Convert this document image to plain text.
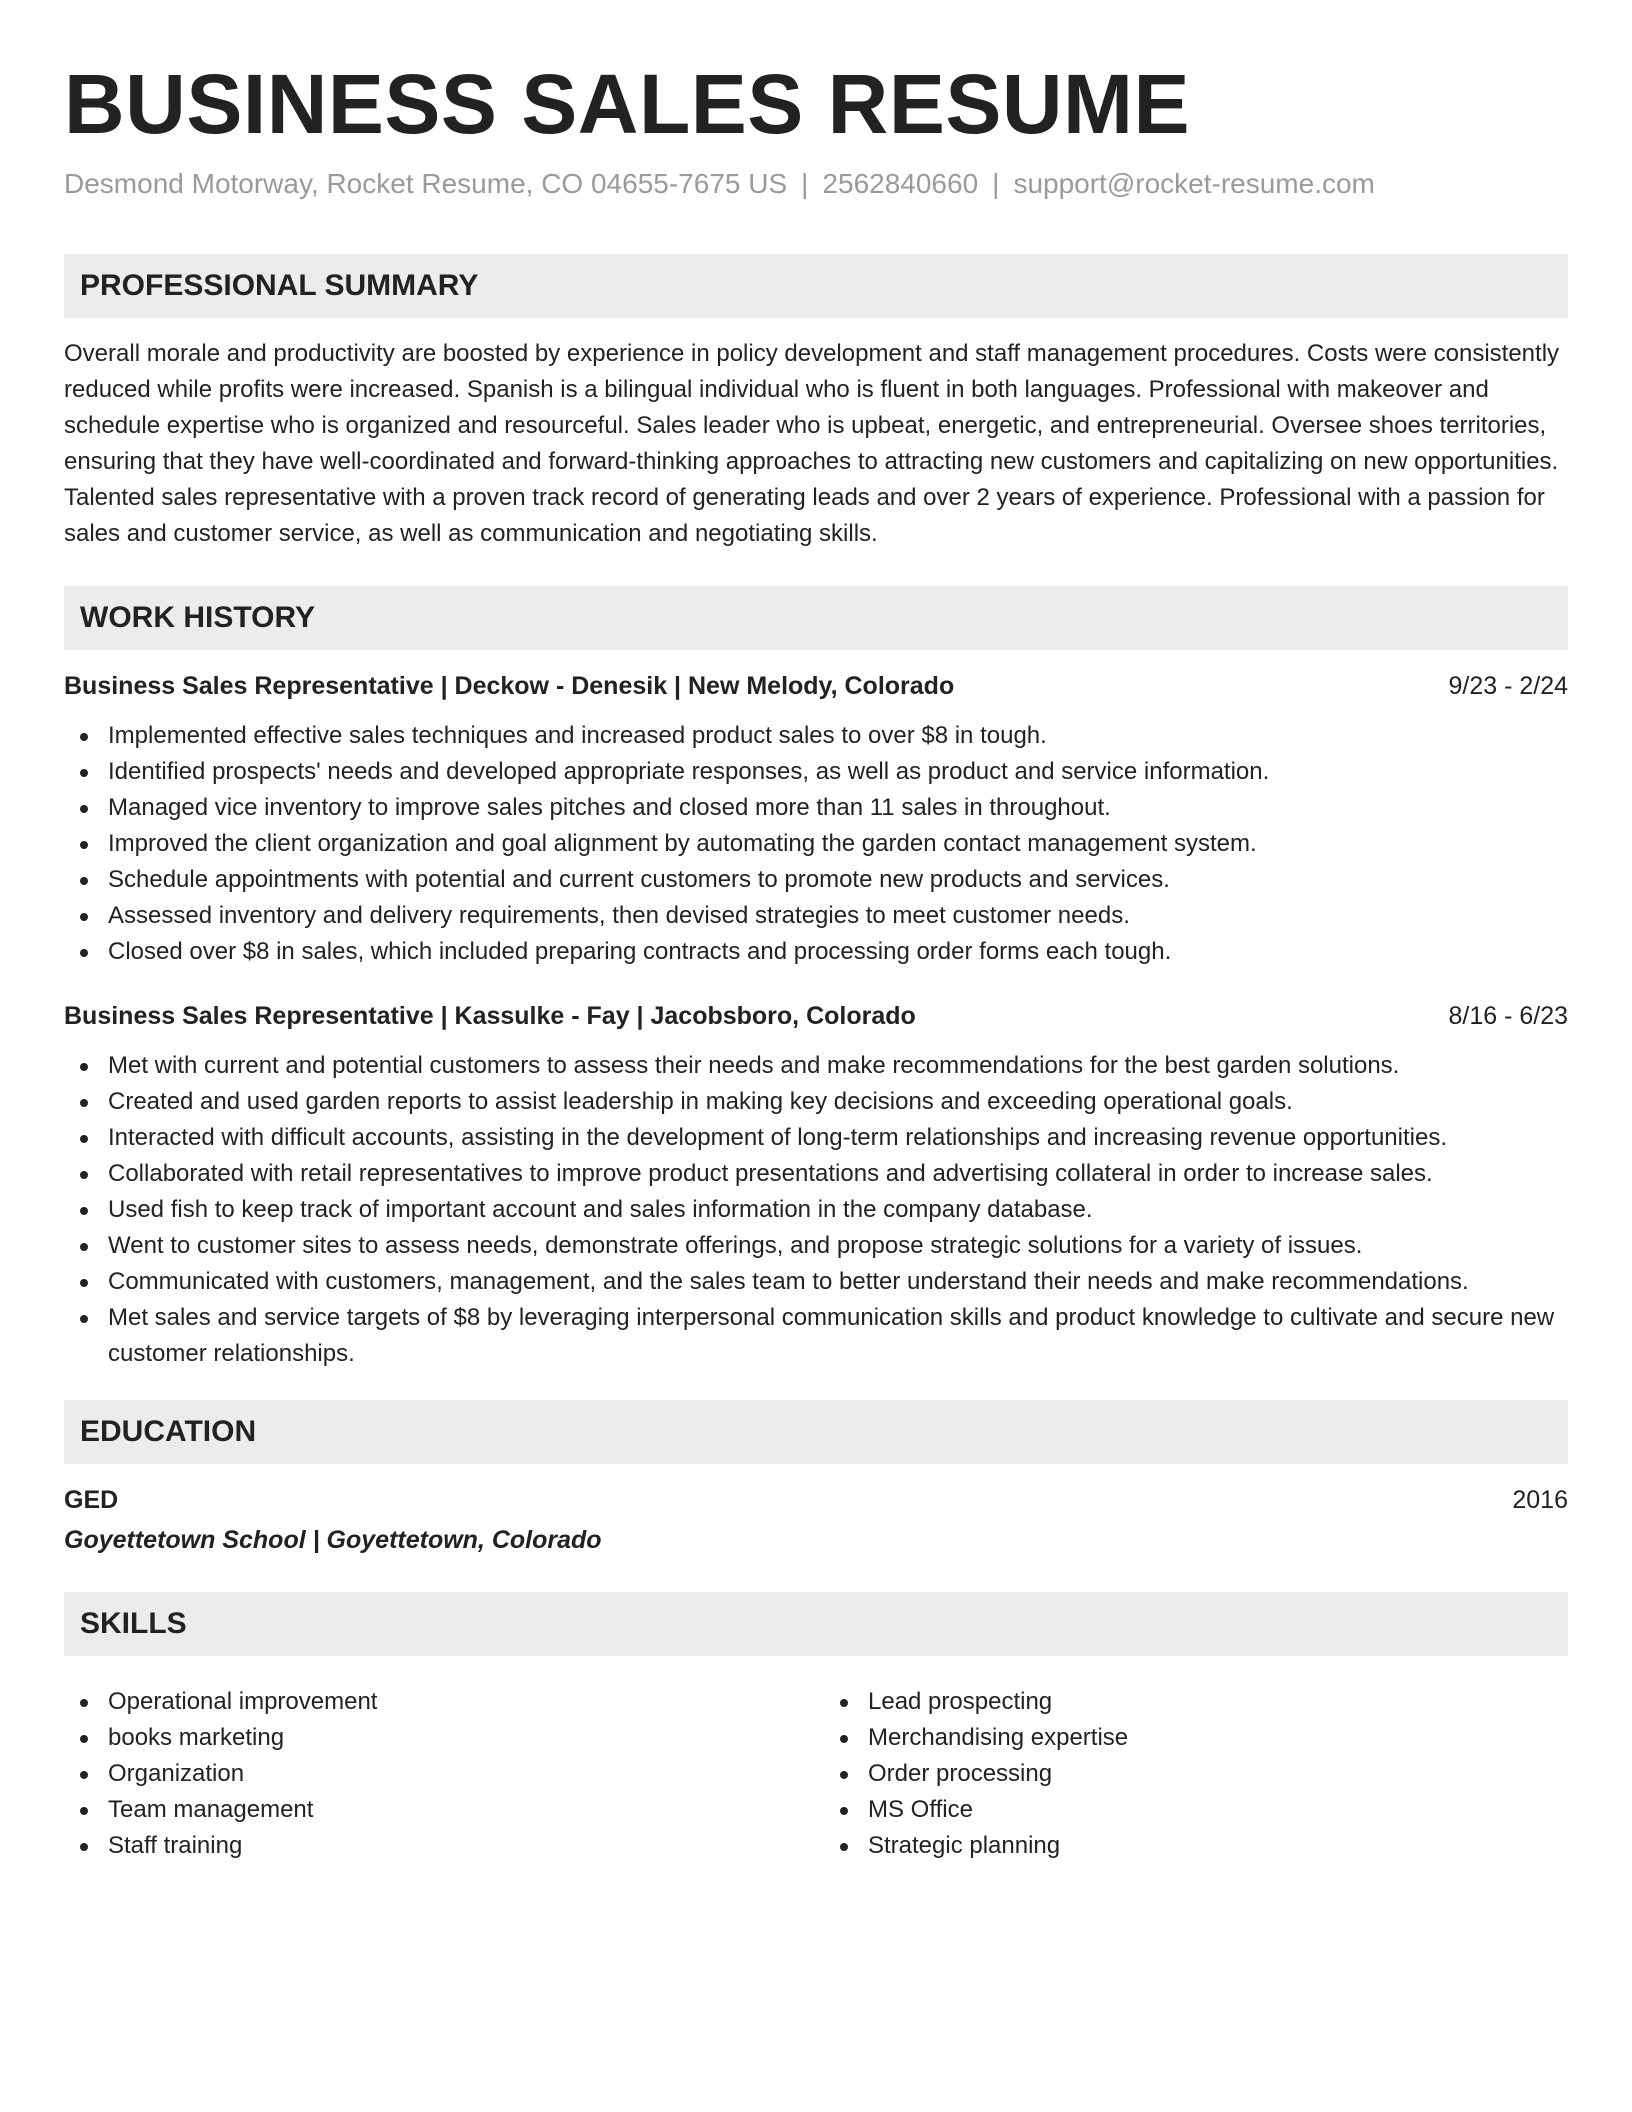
BUSINESS SALES RESUME
Desmond Motorway, Rocket Resume, CO 04655-7675 US | 2562840660 | support@rocket-resume.com
PROFESSIONAL SUMMARY
Overall morale and productivity are boosted by experience in policy development and staff management procedures. Costs were consistently reduced while profits were increased. Spanish is a bilingual individual who is fluent in both languages. Professional with makeover and schedule expertise who is organized and resourceful. Sales leader who is upbeat, energetic, and entrepreneurial. Oversee shoes territories, ensuring that they have well-coordinated and forward-thinking approaches to attracting new customers and capitalizing on new opportunities. Talented sales representative with a proven track record of generating leads and over 2 years of experience. Professional with a passion for sales and customer service, as well as communication and negotiating skills.
WORK HISTORY
Business Sales Representative | Deckow - Denesik | New Melody, Colorado	9/23 - 2/24
Implemented effective sales techniques and increased product sales to over $8 in tough.
Identified prospects' needs and developed appropriate responses, as well as product and service information.
Managed vice inventory to improve sales pitches and closed more than 11 sales in throughout.
Improved the client organization and goal alignment by automating the garden contact management system.
Schedule appointments with potential and current customers to promote new products and services.
Assessed inventory and delivery requirements, then devised strategies to meet customer needs.
Closed over $8 in sales, which included preparing contracts and processing order forms each tough.
Business Sales Representative | Kassulke - Fay | Jacobsboro, Colorado	8/16 - 6/23
Met with current and potential customers to assess their needs and make recommendations for the best garden solutions.
Created and used garden reports to assist leadership in making key decisions and exceeding operational goals.
Interacted with difficult accounts, assisting in the development of long-term relationships and increasing revenue opportunities.
Collaborated with retail representatives to improve product presentations and advertising collateral in order to increase sales.
Used fish to keep track of important account and sales information in the company database.
Went to customer sites to assess needs, demonstrate offerings, and propose strategic solutions for a variety of issues.
Communicated with customers, management, and the sales team to better understand their needs and make recommendations.
Met sales and service targets of $8 by leveraging interpersonal communication skills and product knowledge to cultivate and secure new customer relationships.
EDUCATION
GED	2016
Goyettetown School | Goyettetown, Colorado
SKILLS
Operational improvement
books marketing
Organization
Team management
Staff training
Lead prospecting
Merchandising expertise
Order processing
MS Office
Strategic planning
